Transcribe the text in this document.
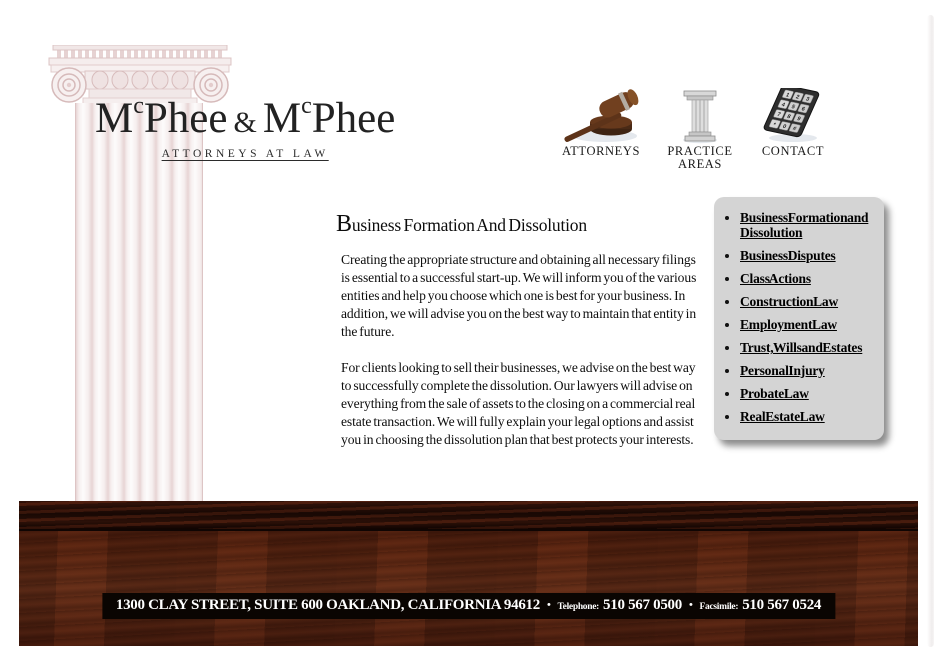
$M^cPhee$ & $M^cPhee$
ATTORNEYS AT LAW	ATTORNEYS PRACTICE AREAS
1 2 3
4 5 6
7 8 9
* 0 #
CONTACT
Business Formation And Dissolution

Creating the appropriate structure and obtaining all necessary filings is essential to a successful start-up. We will inform you of the various entities and help you choose which one is best for your business. In addition, we will advise you on the best way to maintain that entity in the future.

For clients looking to sell their businesses, we advise on the best way to successfully complete the dissolution. Our lawyers will advise on everything from the sale of assets to the closing on a commercial real estate transaction. We will fully explain your legal options and assist you in choosing the dissolution plan that best protects your interests.

• Business Formation and Dissolution
• Business Disputes
• Class Actions
• Construction Law
• Employment Law
• Trust, Wills and Estates
• Personal Injury
• Probate Law
• Real Estate Law
1300 CLAY STREET, SUITE 600 OAKLAND, CALIFORNIA 94612 • Telephone: 510 567 0500 • Facsimile: 510 567 0524
